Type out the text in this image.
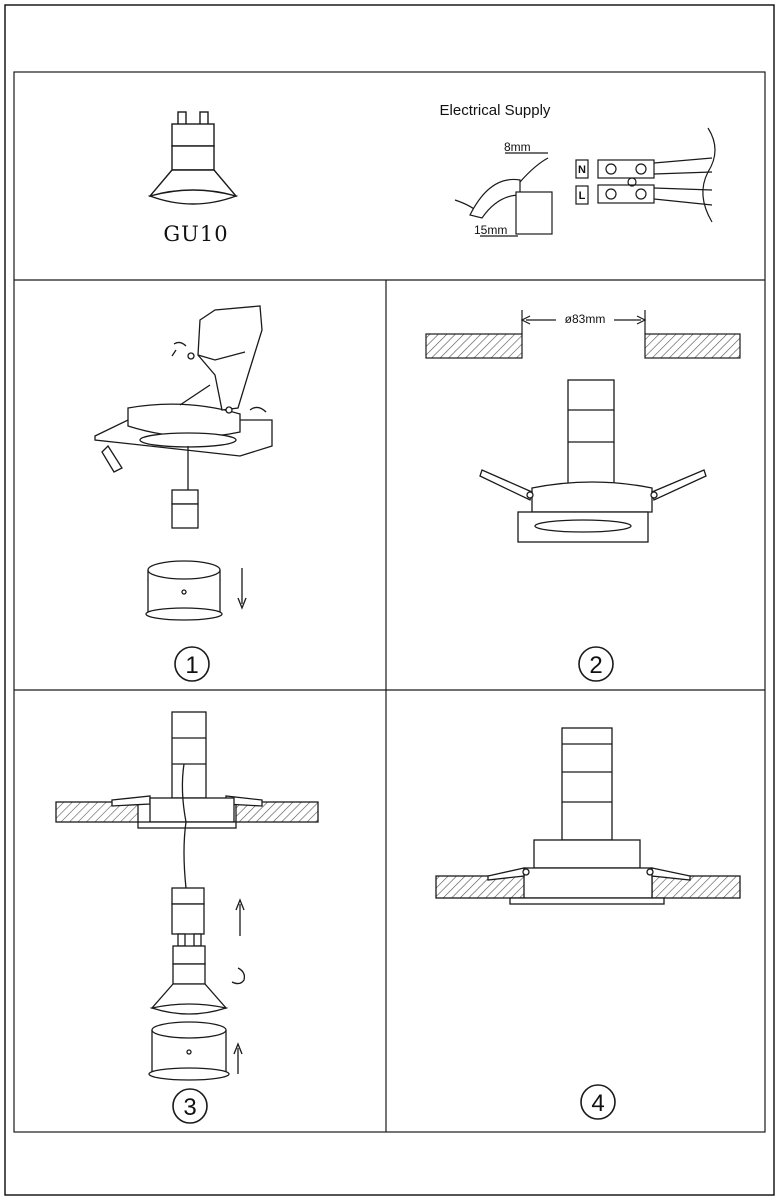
GU10
Electrical Supply
N
L
8mm
15mm
1
ø83mm
2
3	4
